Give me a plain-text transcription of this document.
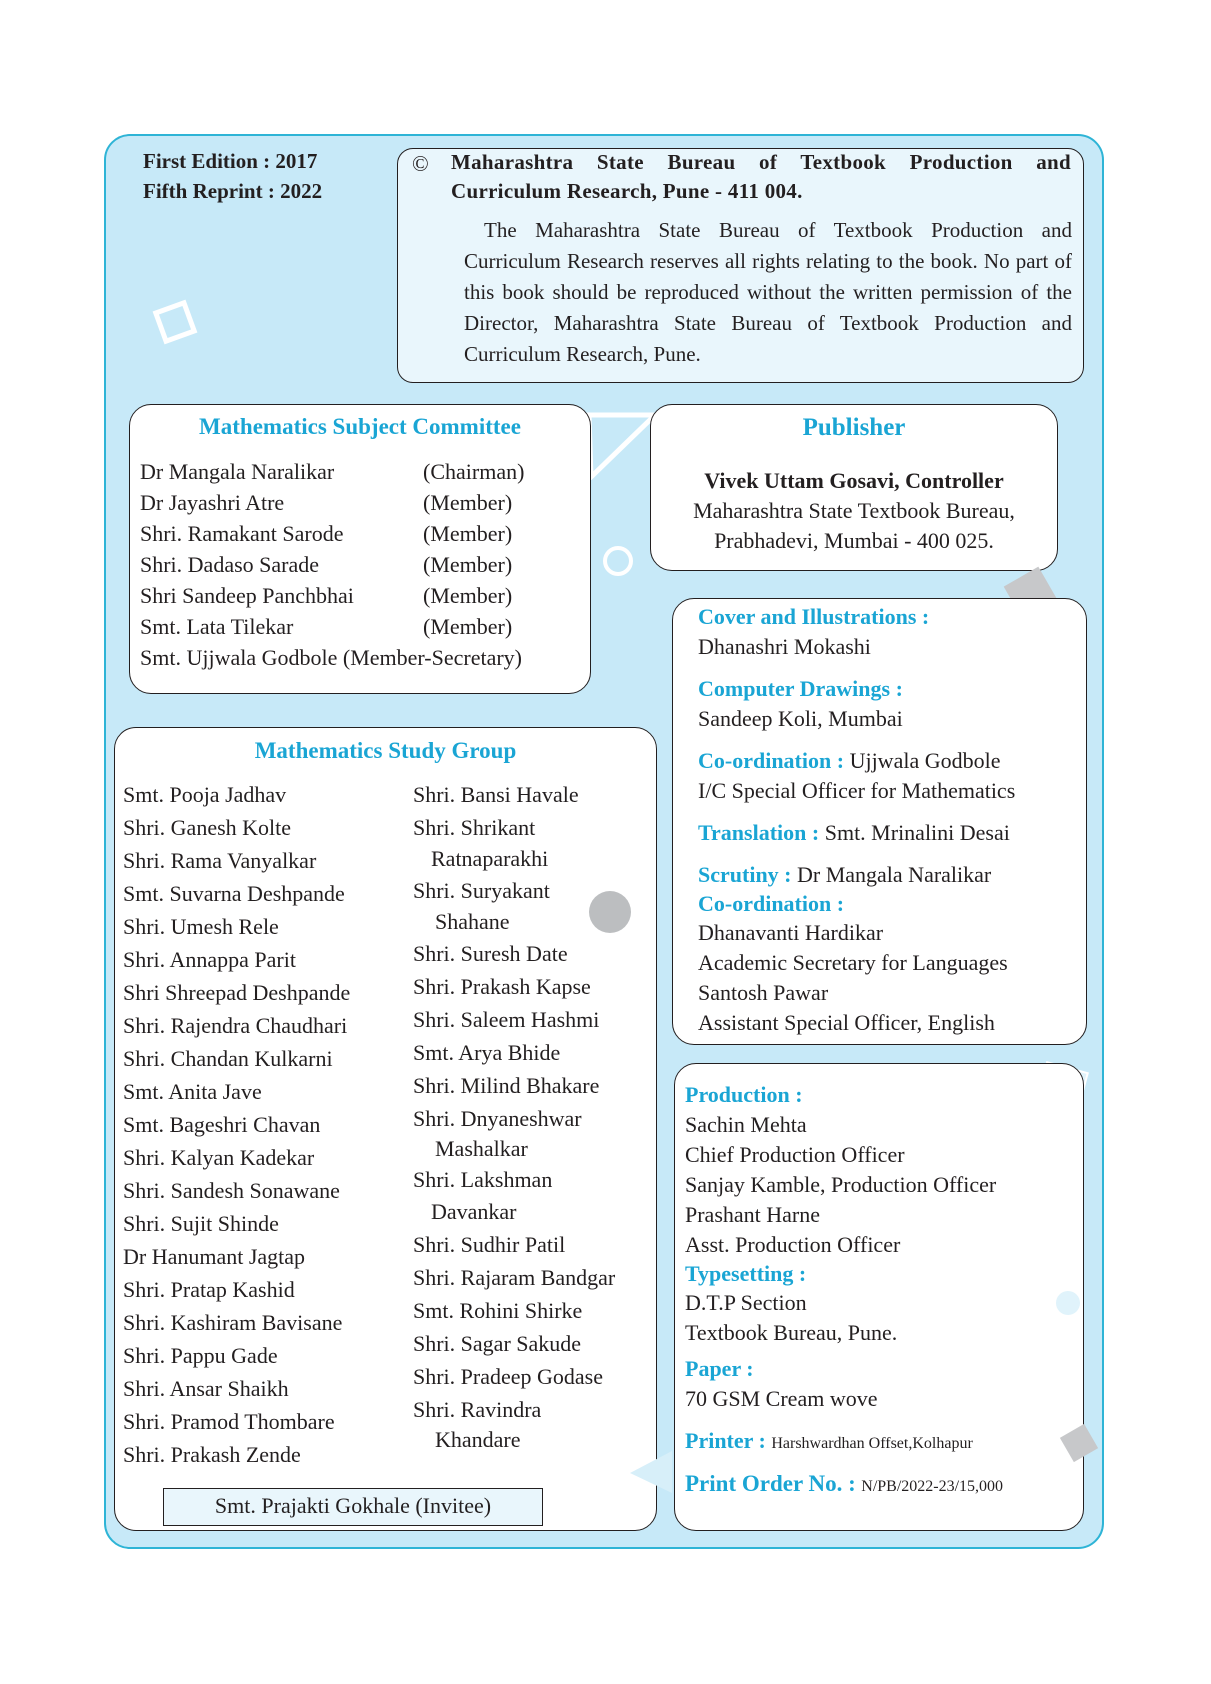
First Edition : 2017
Fifth Reprint : 2022
© Maharashtra State Bureau of Textbook Production and Curriculum Research, Pune - 411 004.
The Maharashtra State Bureau of Textbook Production and Curriculum Research reserves all rights relating to the book. No part of this book should be reproduced without the written permission of the Director, Maharashtra State Bureau of Textbook Production and Curriculum Research, Pune.
Mathematics Subject Committee
Dr Mangala Naralikar	(Chairman)
Dr Jayashri Atre	(Member)
Shri. Ramakant Sarode	(Member)
Shri. Dadaso Sarade	(Member)
Shri Sandeep Panchbhai	(Member)
Smt. Lata Tilekar	(Member)
Smt. Ujjwala Godbole (Member-Secretary)
Publisher
Vivek Uttam Gosavi, Controller
Maharashtra State Textbook Bureau,
Prabhadevi, Mumbai - 400 025.
Mathematics Study Group
Smt. Pooja Jadhav
Shri. Ganesh Kolte
Shri. Rama Vanyalkar
Smt. Suvarna Deshpande
Shri. Umesh Rele
Shri. Annappa Parit
Shri Shreepad Deshpande
Shri. Rajendra Chaudhari
Shri. Chandan Kulkarni
Smt. Anita Jave
Smt. Bageshri Chavan
Shri. Kalyan Kadekar
Shri. Sandesh Sonawane
Shri. Sujit Shinde
Dr Hanumant Jagtap
Shri. Pratap Kashid
Shri. Kashiram Bavisane
Shri. Pappu Gade
Shri. Ansar Shaikh
Shri. Pramod Thombare
Shri. Prakash Zende
Shri. Bansi Havale
Shri. Shrikant
Ratnaparakhi
Shri. Suryakant
Shahane
Shri. Suresh Date
Shri. Prakash Kapse
Shri. Saleem Hashmi
Smt. Arya Bhide
Shri. Milind Bhakare
Shri. Dnyaneshwar
Mashalkar
Shri. Lakshman
Davankar
Shri. Sudhir Patil
Shri. Rajaram Bandgar
Smt. Rohini Shirke
Shri. Sagar Sakude
Shri. Pradeep Godase
Shri. Ravindra
Khandare
Smt. Prajakti Gokhale (Invitee)
Cover and Illustrations :
Dhanashri Mokashi
Computer Drawings :
Sandeep Koli, Mumbai
Co-ordination : Ujjwala Godbole
I/C Special Officer for Mathematics
Translation : Smt. Mrinalini Desai
Scrutiny : Dr Mangala Naralikar
Co-ordination :
Dhanavanti Hardikar
Academic Secretary for Languages
Santosh Pawar
Assistant Special Officer, English
Production :
Sachin Mehta
Chief Production Officer
Sanjay Kamble, Production Officer
Prashant Harne
Asst. Production Officer
Typesetting :
D.T.P Section
Textbook Bureau, Pune.
Paper :
70 GSM Cream wove
Printer : Harshwardhan Offset,Kolhapur
Print Order No. : N/PB/2022-23/15,000
